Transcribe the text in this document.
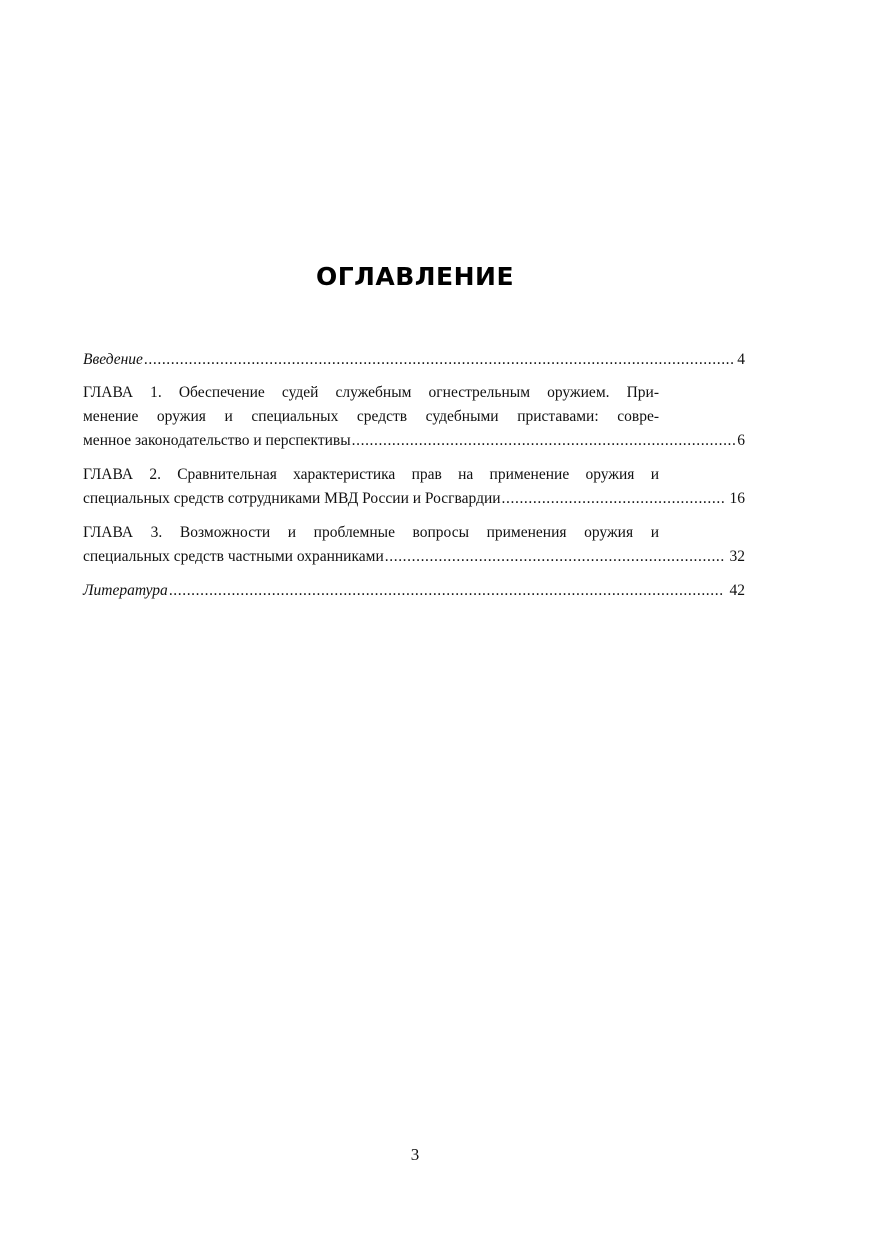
ОГЛАВЛЕНИЕ
Введение .....	4
ГЛАВА 1. Обеспечение судей служебным огнестрельным оружием. При-
менение оружия и специальных средств судебными приставами: совре-
менное законодательство и перспективы .....	6
ГЛАВА 2. Сравнительная характеристика прав на применение оружия и
специальных средств сотрудниками МВД России и Росгвардии .....	16
ГЛАВА 3. Возможности и проблемные вопросы применения оружия и
специальных средств частными охранниками .....	32
Литература .....	42
3
